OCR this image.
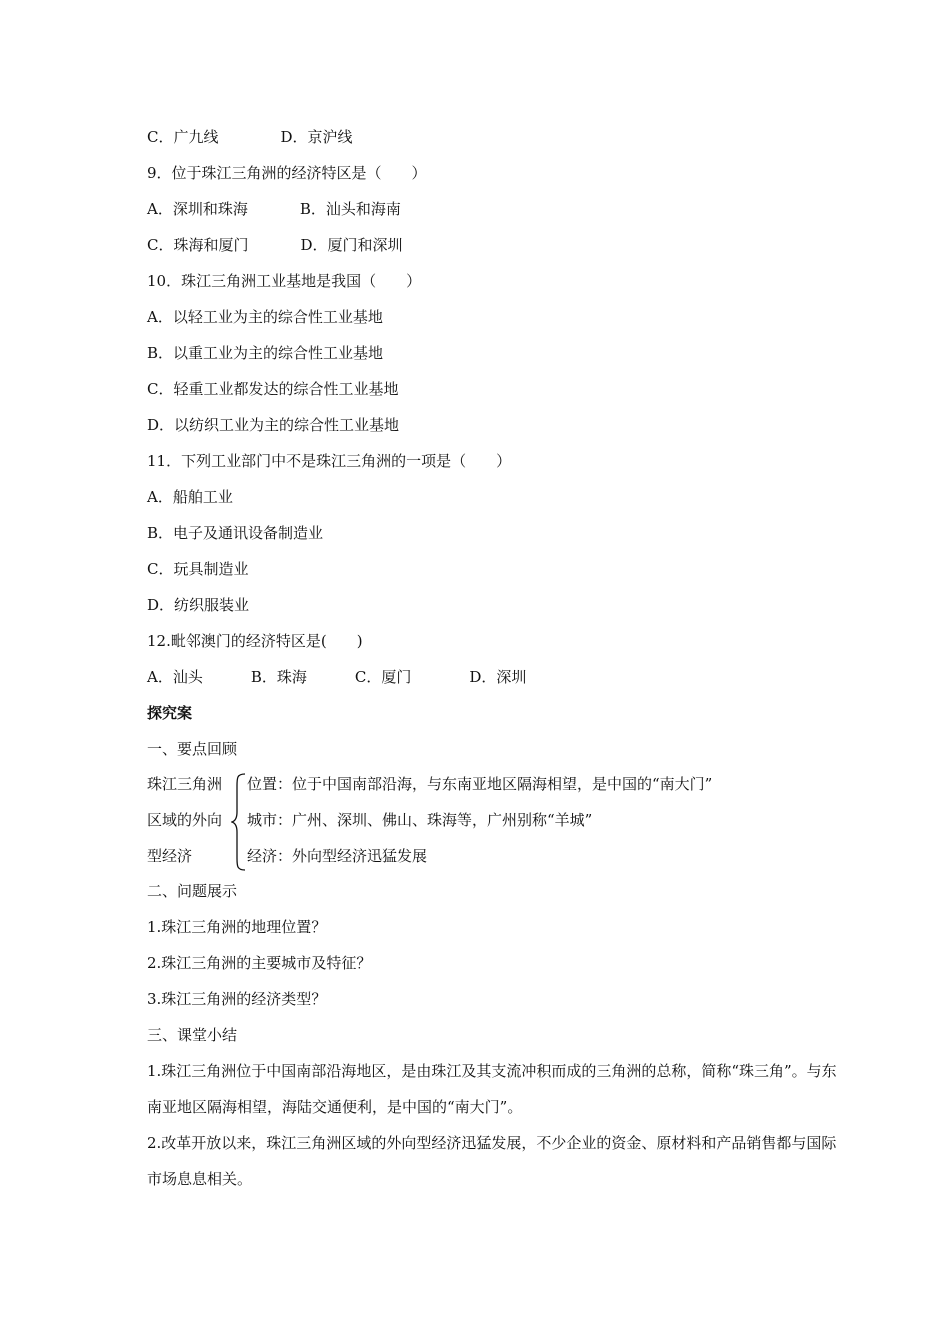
C．广九线	D．京沪线
9．位于珠江三角洲的经济特区是（　　）
A．深圳和珠海	B．汕头和海南
C．珠海和厦门	D．厦门和深圳
10．珠江三角洲工业基地是我国（　　）
A．以轻工业为主的综合性工业基地
B．以重工业为主的综合性工业基地
C．轻重工业都发达的综合性工业基地
D．以纺织工业为主的综合性工业基地
11．下列工业部门中不是珠江三角洲的一项是（　　）
A．船舶工业
B．电子及通讯设备制造业
C．玩具制造业
D．纺织服装业
12.毗邻澳门的经济特区是(　　)
A．汕头	B．珠海	C．厦门	D．深圳
探究案
一、要点回顾
珠江三角洲
区域的外向
型经济
位置：位于中国南部沿海，与东南亚地区隔海相望，是中国的“南大门”
城市：广州、深圳、佛山、珠海等，广州别称“羊城”
经济：外向型经济迅猛发展
二、问题展示
1.珠江三角洲的地理位置？
2.珠江三角洲的主要城市及特征？
3.珠江三角洲的经济类型？
三、课堂小结
1.珠江三角洲位于中国南部沿海地区，是由珠江及其支流冲积而成的三角洲的总称，简称“珠三角”。与东南亚地区隔海相望，海陆交通便利，是中国的“南大门”。
2.改革开放以来，珠江三角洲区域的外向型经济迅猛发展，不少企业的资金、原材料和产品销售都与国际市场息息相关。
